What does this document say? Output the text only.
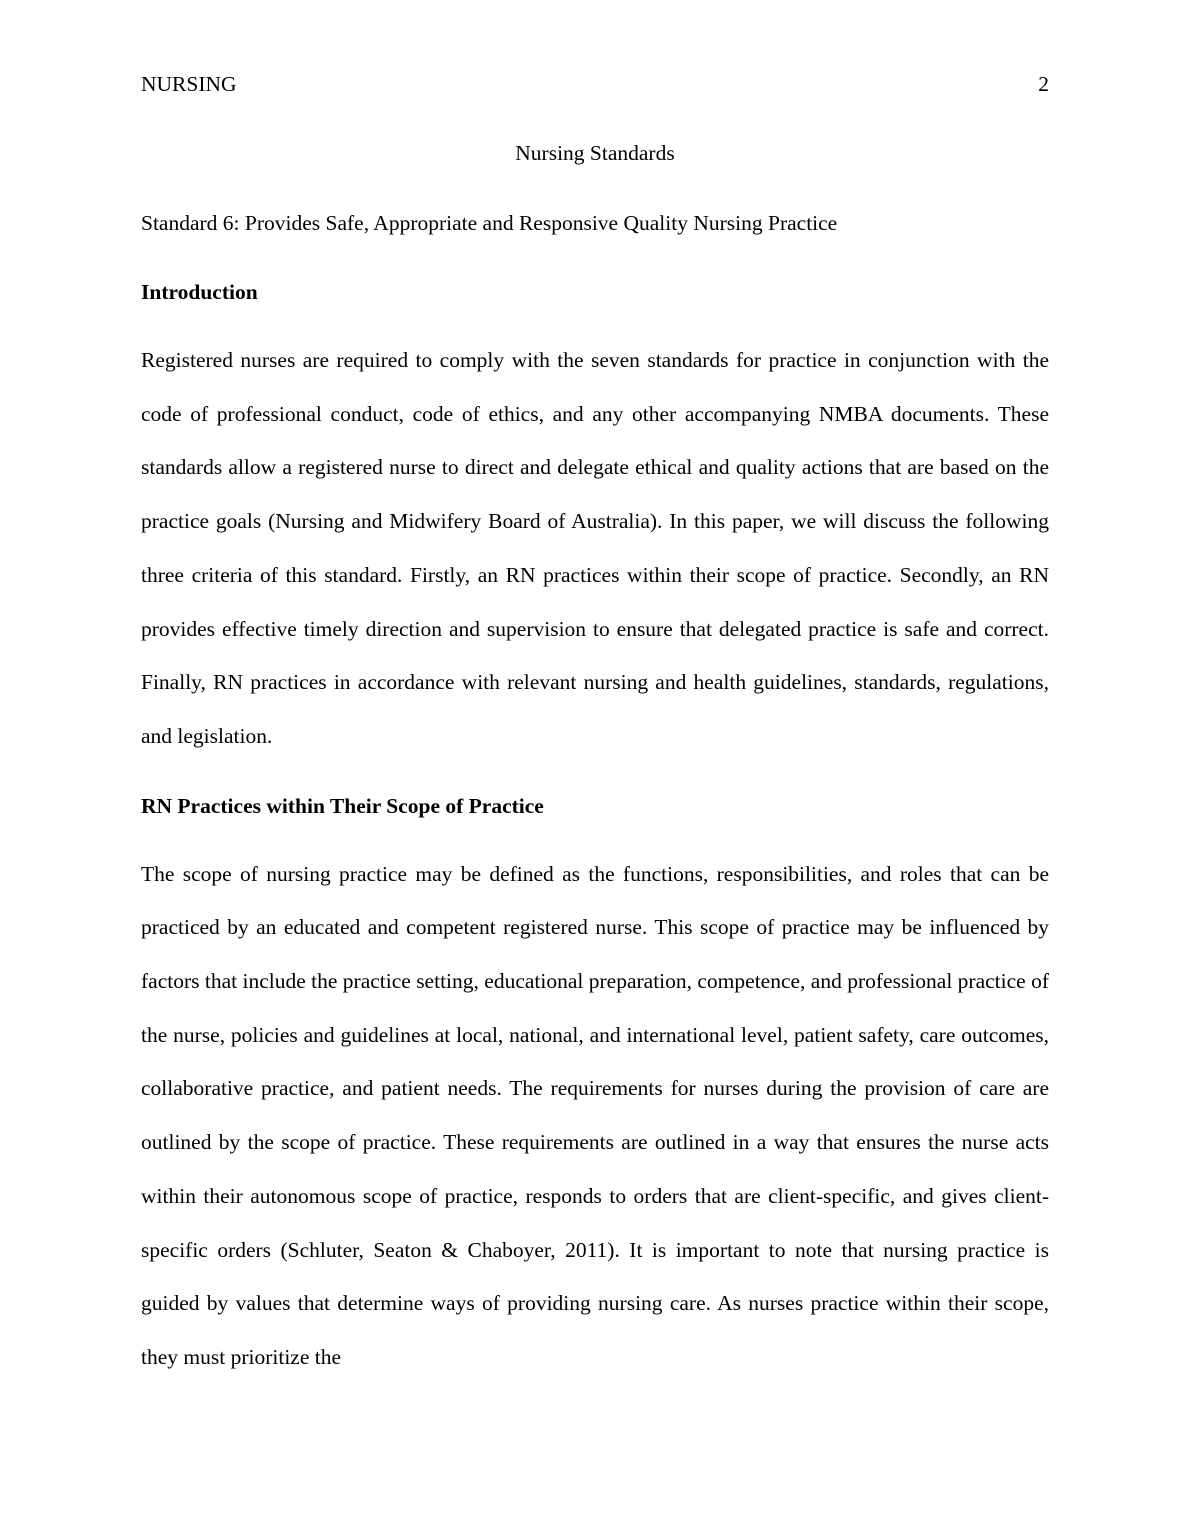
NURSING	2

Nursing Standards

Standard 6: Provides Safe, Appropriate and Responsive Quality Nursing Practice

Introduction

Registered nurses are required to comply with the seven standards for practice in conjunction with the code of professional conduct, code of ethics, and any other accompanying NMBA documents. These standards allow a registered nurse to direct and delegate ethical and quality actions that are based on the practice goals (Nursing and Midwifery Board of Australia). In this paper, we will discuss the following three criteria of this standard. Firstly, an RN practices within their scope of practice. Secondly, an RN provides effective timely direction and supervision to ensure that delegated practice is safe and correct. Finally, RN practices in accordance with relevant nursing and health guidelines, standards, regulations, and legislation.

RN Practices within Their Scope of Practice

The scope of nursing practice may be defined as the functions, responsibilities, and roles that can be practiced by an educated and competent registered nurse. This scope of practice may be influenced by factors that include the practice setting, educational preparation, competence, and professional practice of the nurse, policies and guidelines at local, national, and international level, patient safety, care outcomes, collaborative practice, and patient needs. The requirements for nurses during the provision of care are outlined by the scope of practice. These requirements are outlined in a way that ensures the nurse acts within their autonomous scope of practice, responds to orders that are client-specific, and gives client-specific orders (Schluter, Seaton & Chaboyer, 2011). It is important to note that nursing practice is guided by values that determine ways of providing nursing care. As nurses practice within their scope, they must prioritize the
